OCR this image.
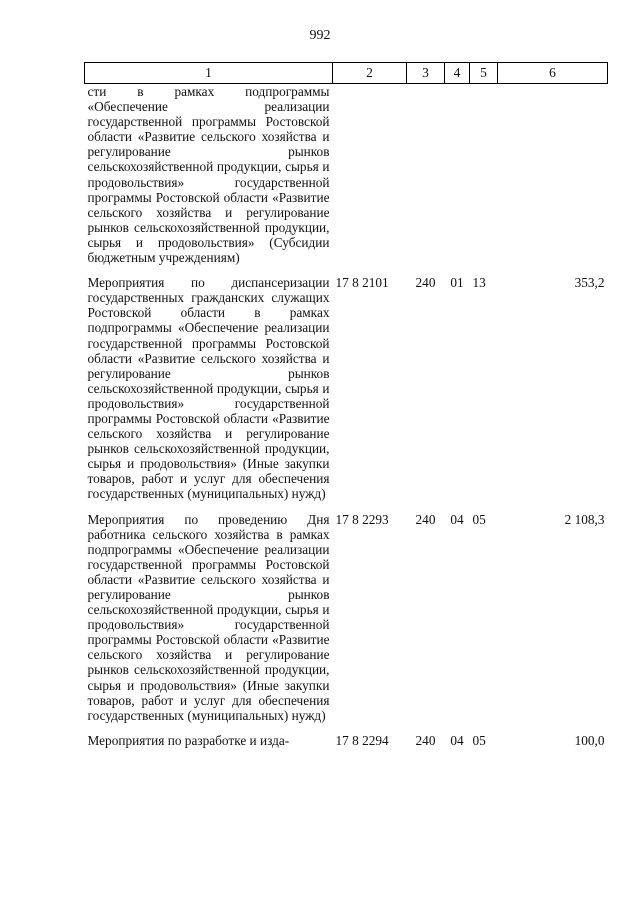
992
1	2	3	4	5	6
сти в рамках подпрограммы «Обеспечение реализации государственной программы Ростовской области «Развитие сельского хозяйства и регулирование рынков сельскохозяйственной продукции, сырья и продовольствия» государственной программы Ростовской области «Развитие сельского хозяйства и регулирование рынков сельскохозяйственной продукции, сырья и продовольствия» (Субсидии бюджетным учреждениям)					
Мероприятия по диспансеризации государственных гражданских служащих Ростовской области в рамках подпрограммы «Обеспечение реализации государственной программы Ростовской области «Развитие сельского хозяйства и регулирование рынков сельскохозяйственной продукции, сырья и продовольствия» государственной программы Ростовской области «Развитие сельского хозяйства и регулирование рынков сельскохозяйственной продукции, сырья и продовольствия» (Иные закупки товаров, работ и услуг для обеспечения государственных (муниципальных) нужд)	17 8 2101	240	01	13	353,2
Мероприятия по проведению Дня работника сельского хозяйства в рамках подпрограммы «Обеспечение реализации государственной программы Ростовской области «Развитие сельского хозяйства и регулирование рынков сельскохозяйственной продукции, сырья и продовольствия» государственной программы Ростовской области «Развитие сельского хозяйства и регулирование рынков сельскохозяйственной продукции, сырья и продовольствия» (Иные закупки товаров, работ и услуг для обеспечения государственных (муниципальных) нужд)	17 8 2293	240	04	05	2 108,3
Мероприятия по разработке и изда-	17 8 2294	240	04	05	100,0
